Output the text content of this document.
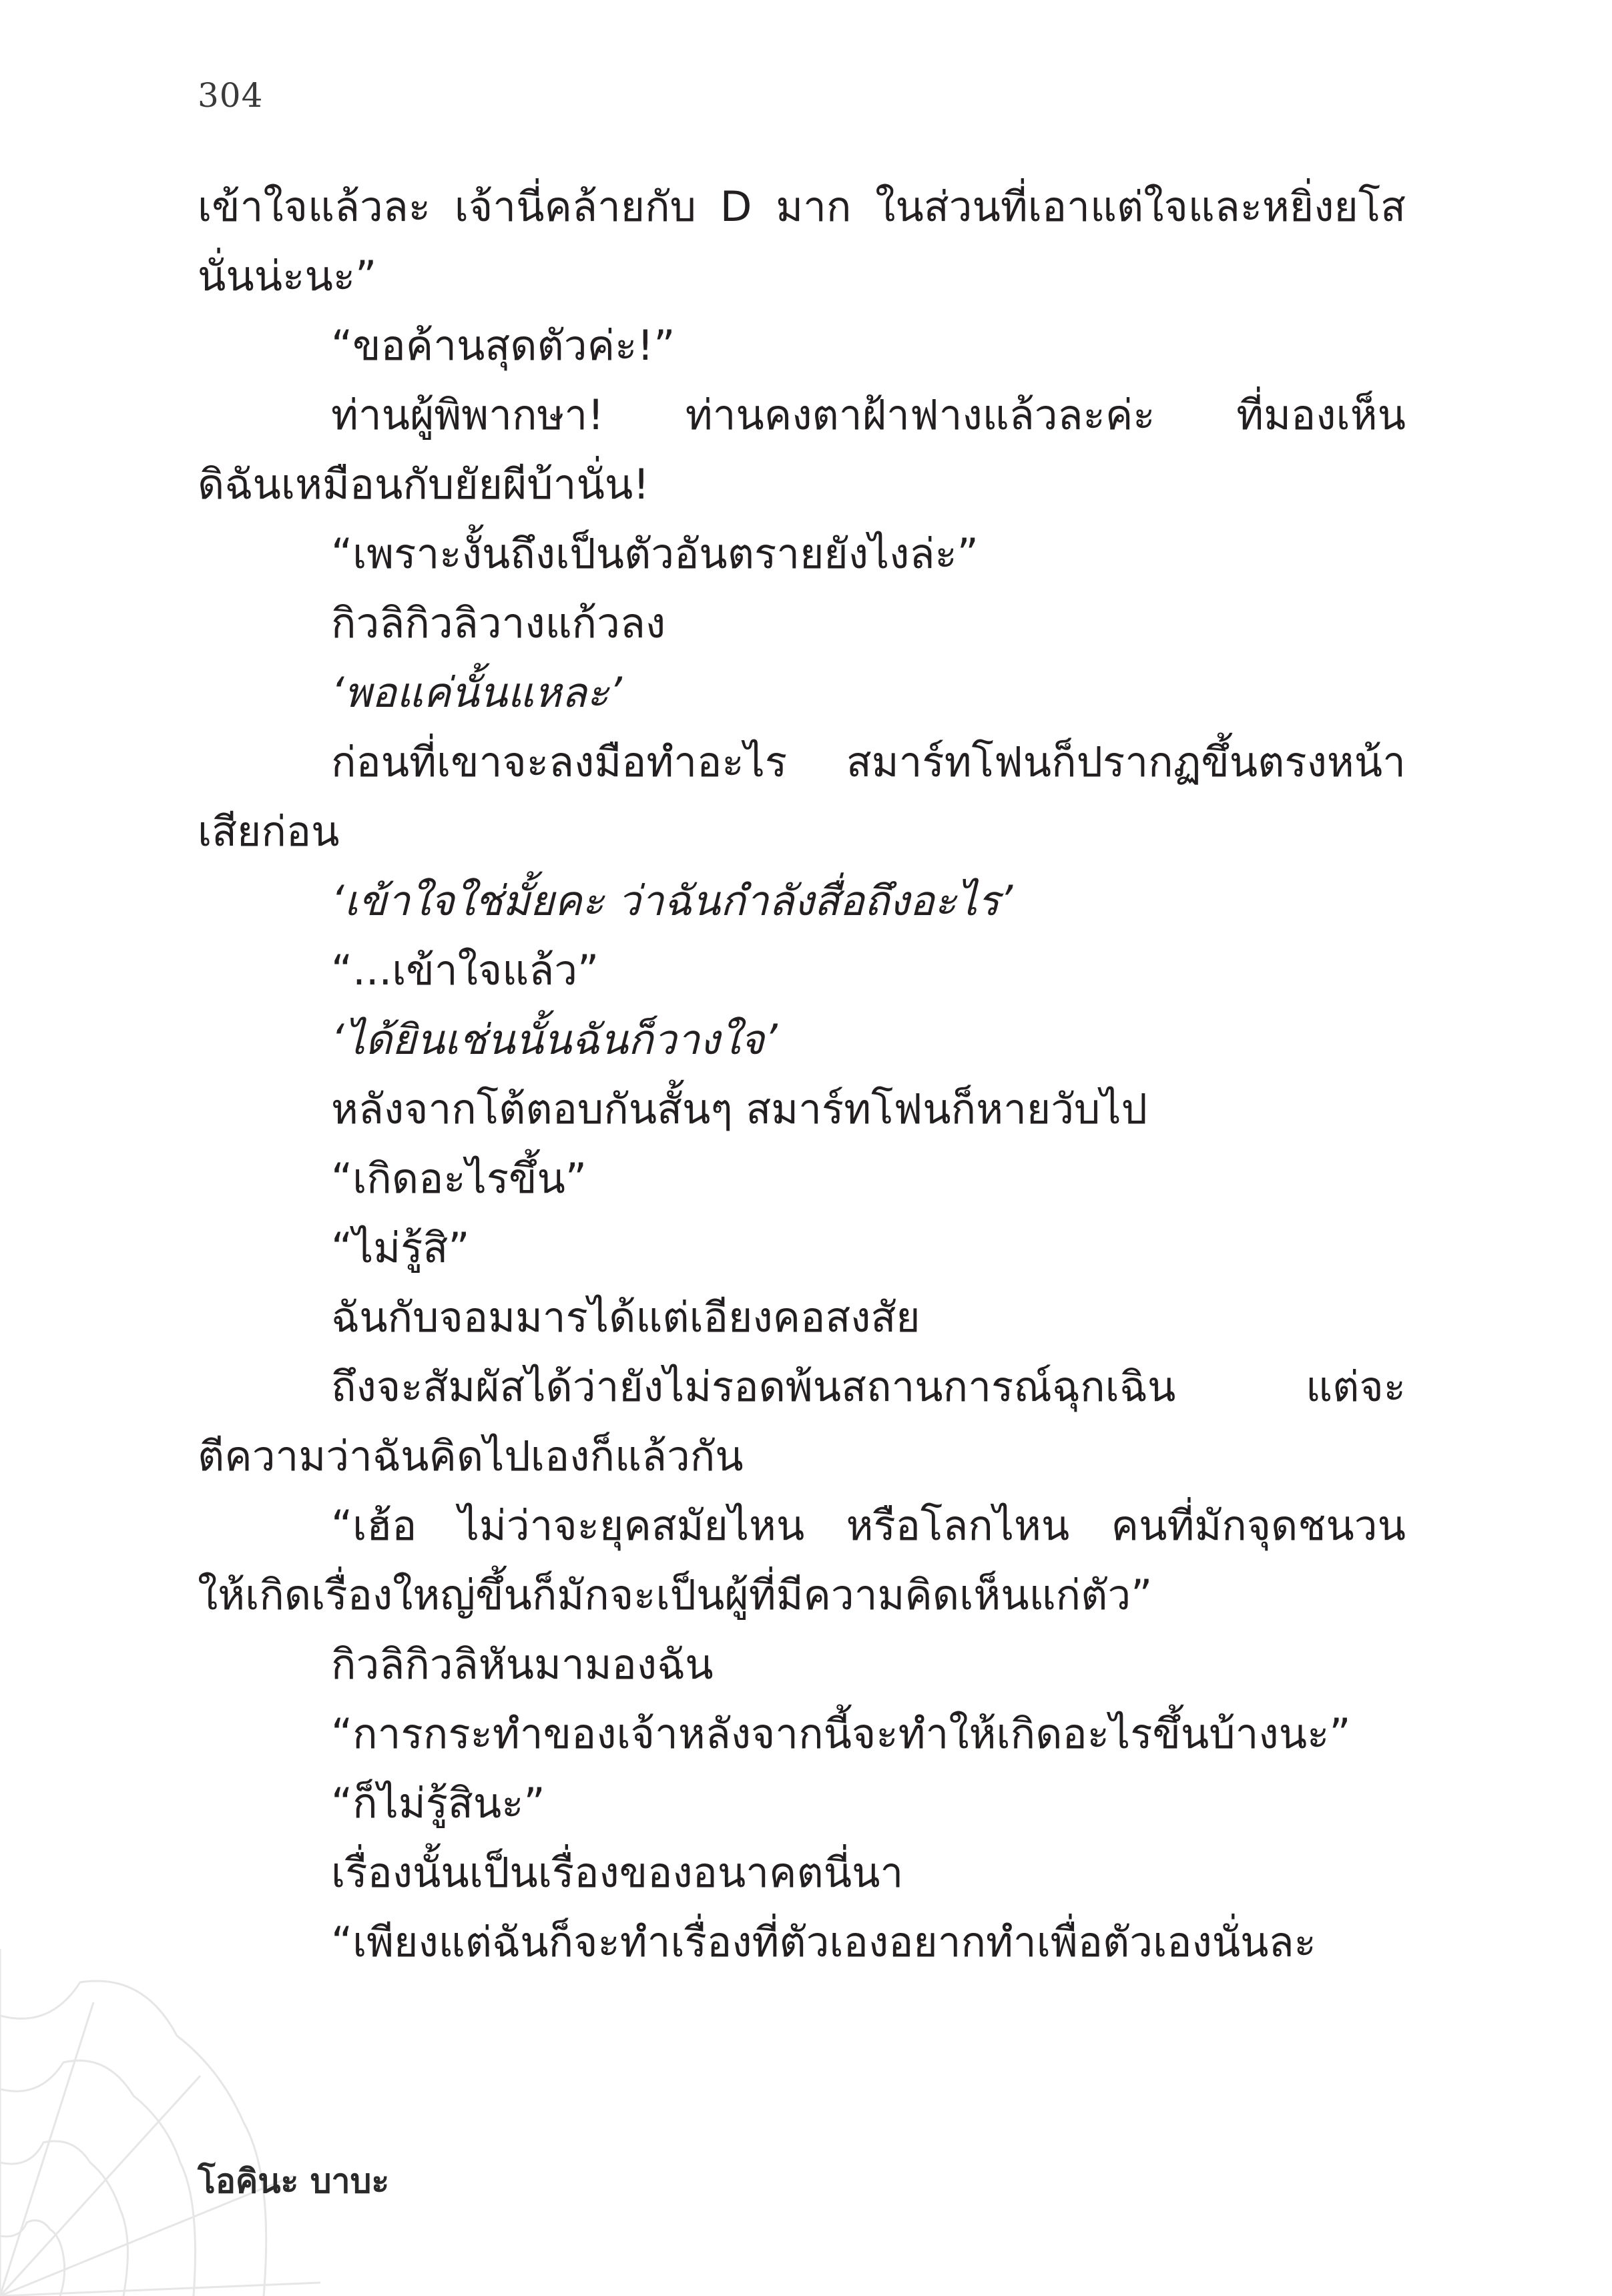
304
เข้าใจแล้วละ เจ้านี่คล้ายกับ D มาก ในส่วนที่เอาแต่ใจและหยิ่งยโส
นั่นน่ะนะ”
“ขอค้านสุดตัวค่ะ!”
ท่านผู้พิพากษา! ท่านคงตาฝ้าฟางแล้วละค่ะ ที่มองเห็น
ดิฉันเหมือนกับยัยผีบ้านั่น!
“เพราะงั้นถึงเป็นตัวอันตรายยังไงล่ะ”
กิวลิกิวลิวางแก้วลง
‘พอแค่นั้นแหละ’
ก่อนที่เขาจะลงมือทำอะไร สมาร์ทโฟนก็ปรากฏขึ้นตรงหน้า
เสียก่อน
‘เข้าใจใช่มั้ยคะ ว่าฉันกำลังสื่อถึงอะไร’
“...เข้าใจแล้ว”
‘ได้ยินเช่นนั้นฉันก็วางใจ’
หลังจากโต้ตอบกันสั้นๆ สมาร์ทโฟนก็หายวับไป
“เกิดอะไรขึ้น”
“ไม่รู้สิ”
ฉันกับจอมมารได้แต่เอียงคอสงสัย
ถึงจะสัมผัสได้ว่ายังไม่รอดพ้นสถานการณ์ฉุกเฉิน แต่จะ
ตีความว่าฉันคิดไปเองก็แล้วกัน
“เฮ้อ ไม่ว่าจะยุคสมัยไหน หรือโลกไหน คนที่มักจุดชนวน
ให้เกิดเรื่องใหญ่ขึ้นก็มักจะเป็นผู้ที่มีความคิดเห็นแก่ตัว”
กิวลิกิวลิหันมามองฉัน
“การกระทำของเจ้าหลังจากนี้จะทำให้เกิดอะไรขึ้นบ้างนะ”
“ก็ไม่รู้สินะ”
เรื่องนั้นเป็นเรื่องของอนาคตนี่นา
“เพียงแต่ฉันก็จะทำเรื่องที่ตัวเองอยากทำเพื่อตัวเองนั่นละ
โอคินะ บาบะ
